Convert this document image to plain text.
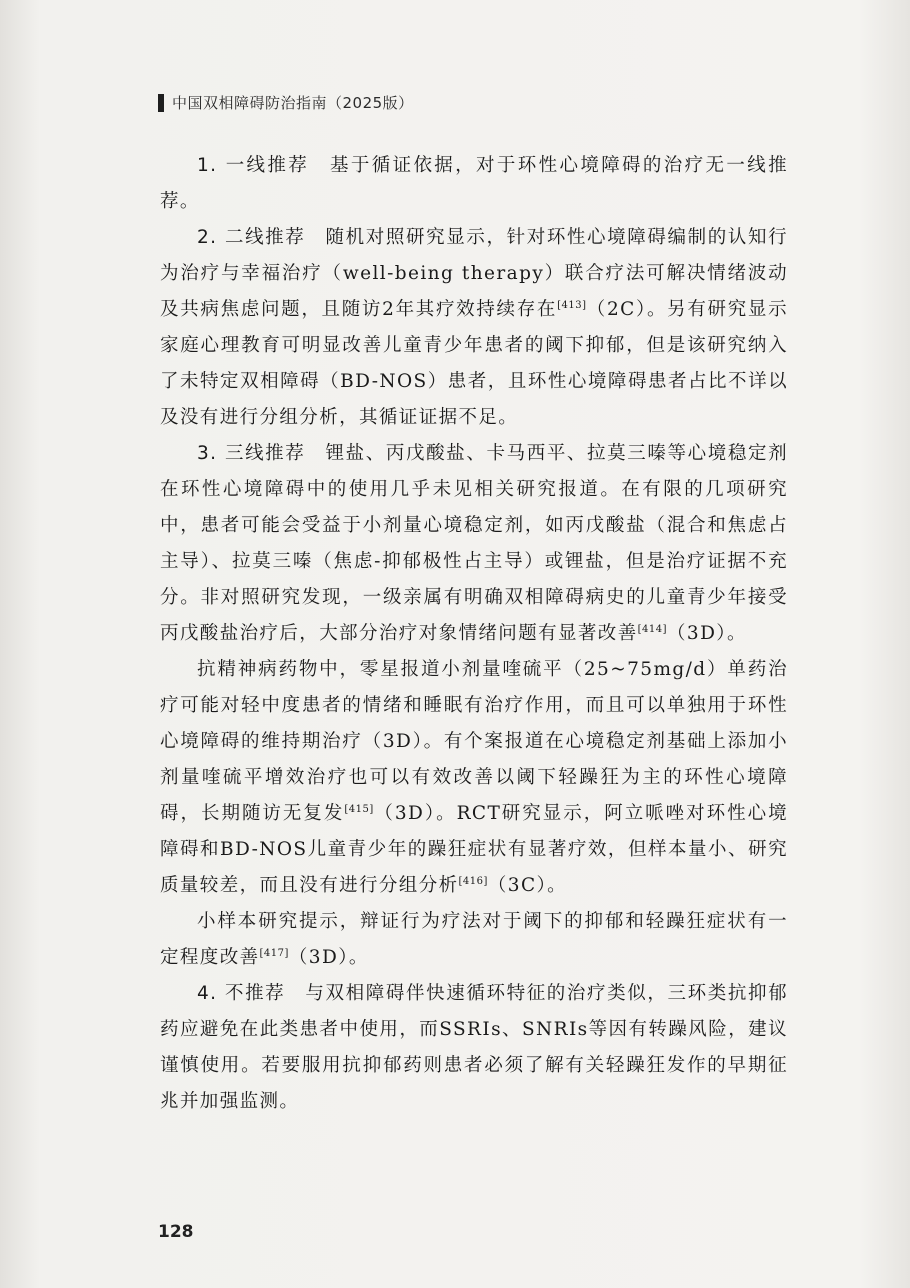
中国双相障碍防治指南（2025版）

1. 一线推荐　基于循证依据，对于环性心境障碍的治疗无一线推荐。

2. 二线推荐　随机对照研究显示，针对环性心境障碍编制的认知行为治疗与幸福治疗（well-being therapy）联合疗法可解决情绪波动及共病焦虑问题，且随访2年其疗效持续存在[413]（2C）。另有研究显示家庭心理教育可明显改善儿童青少年患者的阈下抑郁，但是该研究纳入了未特定双相障碍（BD-NOS）患者，且环性心境障碍患者占比不详以及没有进行分组分析，其循证证据不足。

3. 三线推荐　锂盐、丙戊酸盐、卡马西平、拉莫三嗪等心境稳定剂在环性心境障碍中的使用几乎未见相关研究报道。在有限的几项研究中，患者可能会受益于小剂量心境稳定剂，如丙戊酸盐（混合和焦虑占主导）、拉莫三嗪（焦虑-抑郁极性占主导）或锂盐，但是治疗证据不充分。非对照研究发现，一级亲属有明确双相障碍病史的儿童青少年接受丙戊酸盐治疗后，大部分治疗对象情绪问题有显著改善[414]（3D）。

抗精神病药物中，零星报道小剂量喹硫平（25~75mg/d）单药治疗可能对轻中度患者的情绪和睡眠有治疗作用，而且可以单独用于环性心境障碍的维持期治疗（3D）。有个案报道在心境稳定剂基础上添加小剂量喹硫平增效治疗也可以有效改善以阈下轻躁狂为主的环性心境障碍，长期随访无复发[415]（3D）。RCT研究显示，阿立哌唑对环性心境障碍和BD-NOS儿童青少年的躁狂症状有显著疗效，但样本量小、研究质量较差，而且没有进行分组分析[416]（3C）。

小样本研究提示，辩证行为疗法对于阈下的抑郁和轻躁狂症状有一定程度改善[417]（3D）。

4. 不推荐　与双相障碍伴快速循环特征的治疗类似，三环类抗抑郁药应避免在此类患者中使用，而SSRIs、SNRIs等因有转躁风险，建议谨慎使用。若要服用抗抑郁药则患者必须了解有关轻躁狂发作的早期征兆并加强监测。

128
